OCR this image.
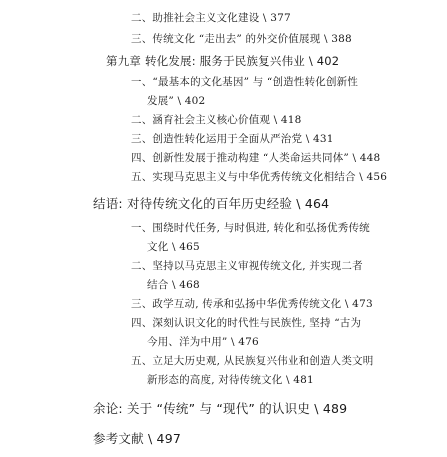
二、助推社会主义文化建设 \ 377
三、传统文化 “走出去” 的外交价值展现 \ 388
第九章 转化发展: 服务于民族复兴伟业 \ 402
一、“最基本的文化基因” 与 “创造性转化创新性
发展” \ 402
二、涵育社会主义核心价值观 \ 418
三、创造性转化运用于全面从严治党 \ 431
四、创新性发展于推动构建 “人类命运共同体” \ 448
五、实现马克思主义与中华优秀传统文化相结合 \ 456
结语: 对待传统文化的百年历史经验 \ 464
一、围绕时代任务, 与时俱进, 转化和弘扬优秀传统
文化 \ 465
二、坚持以马克思主义审视传统文化, 并实现二者
结合 \ 468
三、政学互动, 传承和弘扬中华优秀传统文化 \ 473
四、深刻认识文化的时代性与民族性, 坚持 “古为
今用、洋为中用” \ 476
五、立足大历史观, 从民族复兴伟业和创造人类文明
新形态的高度, 对待传统文化 \ 481
余论: 关于 “传统” 与 “现代” 的认识史 \ 489
参考文献 \ 497
